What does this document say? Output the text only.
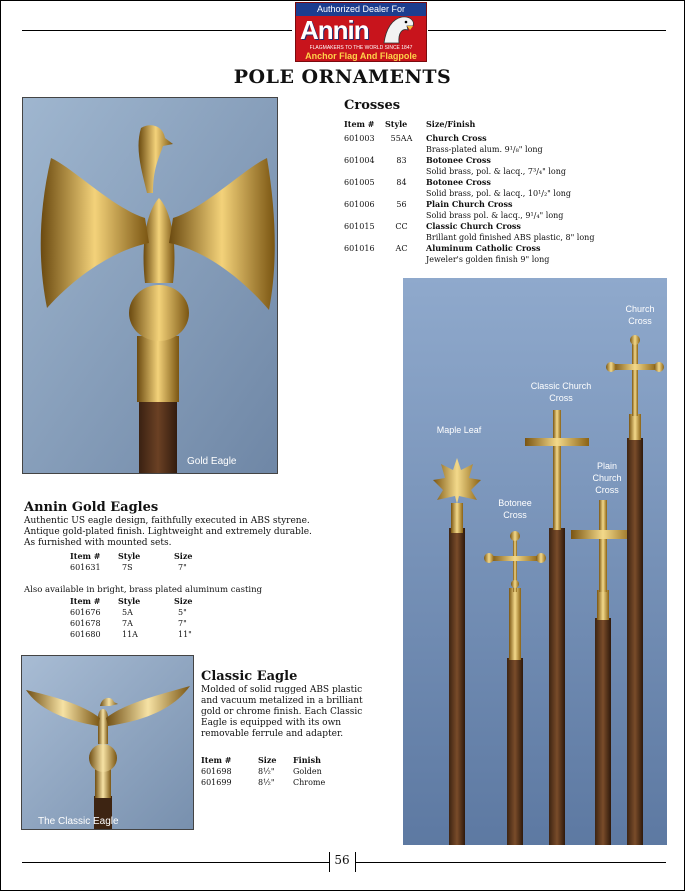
Authorized Dealer For
Annin
FLAGMAKERS TO THE WORLD SINCE 1847
Anchor Flag And Flagpole
POLE ORNAMENTS
Annin Gold Eagles
Authentic US eagle design, faithfully executed in ABS styrene.
Antique gold-plated finish. Lightweight and extremely durable.
As furnished with mounted sets.
Item #	Style	Size
601631	7S	7"
Also available in bright, brass plated aluminum casting
Item #	Style	Size
601676	5A	5"
601678	7A	7"
601680	11A	11"
Crosses
Item #	Style	Size/Finish
601003	55AA	Church Cross
Brass-plated alum. 9¹/₈" long
601004	83	Botonee Cross
Solid brass, pol. & lacq., 7³/₄" long
601005	84	Botonee Cross
Solid brass, pol. & lacq., 10¹/₂" long
601006	56	Plain Church Cross
Solid brass pol. & lacq., 9¹/₄" long
601015	CC	Classic Church Cross
Brillant gold finished ABS plastic, 8" long
601016	AC	Aluminum Catholic Cross
Jeweler's golden finish 9" long
Maple Leaf
Botonee
Cross
Classic Church
Cross
Plain
Church
Cross
Church
Cross
Classic Eagle
Molded of solid rugged ABS plastic
and vacuum metalized in a brilliant
gold or chrome finish. Each Classic
Eagle is equipped with its own
removable ferrule and adapter.
Item #	Size	Finish
601698	8½"	Golden
601699	8½"	Chrome
56
